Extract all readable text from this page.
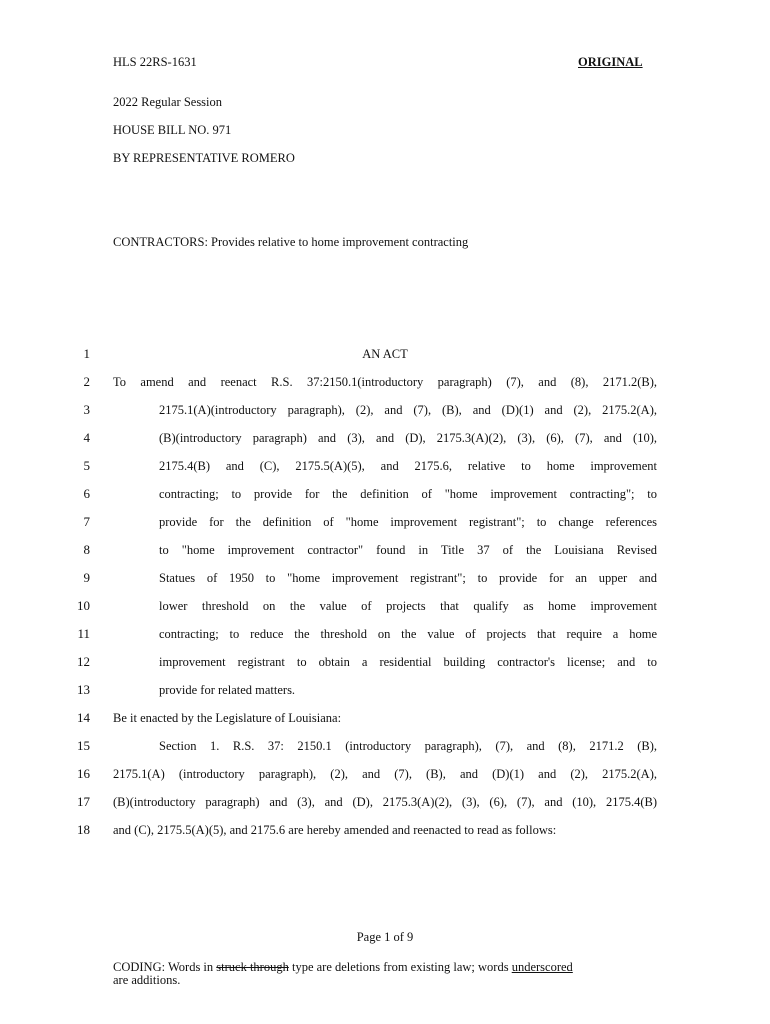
HLS 22RS-1631	ORIGINAL
2022 Regular Session
HOUSE BILL NO. 971
BY REPRESENTATIVE ROMERO
CONTRACTORS: Provides relative to home improvement contracting
1
2
3
4
5
6
7
8
9
10
11
12
13
14
15
16
17
18
AN ACT
To amend and reenact R.S. 37:2150.1(introductory paragraph) (7), and (8), 2171.2(B),
2175.1(A)(introductory paragraph), (2), and (7), (B), and (D)(1) and (2), 2175.2(A),
(B)(introductory paragraph) and (3), and (D), 2175.3(A)(2), (3), (6), (7), and (10),
2175.4(B) and (C), 2175.5(A)(5), and 2175.6, relative to home improvement
contracting; to provide for the definition of "home improvement contracting"; to
provide for the definition of "home improvement registrant"; to change references
to "home improvement contractor" found in Title 37 of the Louisiana Revised
Statues of 1950 to "home improvement registrant"; to provide for an upper and
lower threshold on the value of projects that qualify as home improvement
contracting; to reduce the threshold on the value of projects that require a home
improvement registrant to obtain a residential building contractor's license; and to
provide for related matters.
Be it enacted by the Legislature of Louisiana:
Section 1. R.S. 37: 2150.1 (introductory paragraph), (7), and (8), 2171.2 (B),
2175.1(A) (introductory paragraph), (2), and (7), (B), and (D)(1) and (2), 2175.2(A),
(B)(introductory paragraph) and (3), and (D), 2175.3(A)(2), (3), (6), (7), and (10), 2175.4(B)
and (C), 2175.5(A)(5), and 2175.6 are hereby amended and reenacted to read as follows:
Page 1 of 9
CODING: Words in struck through type are deletions from existing law; words underscored
are additions.
